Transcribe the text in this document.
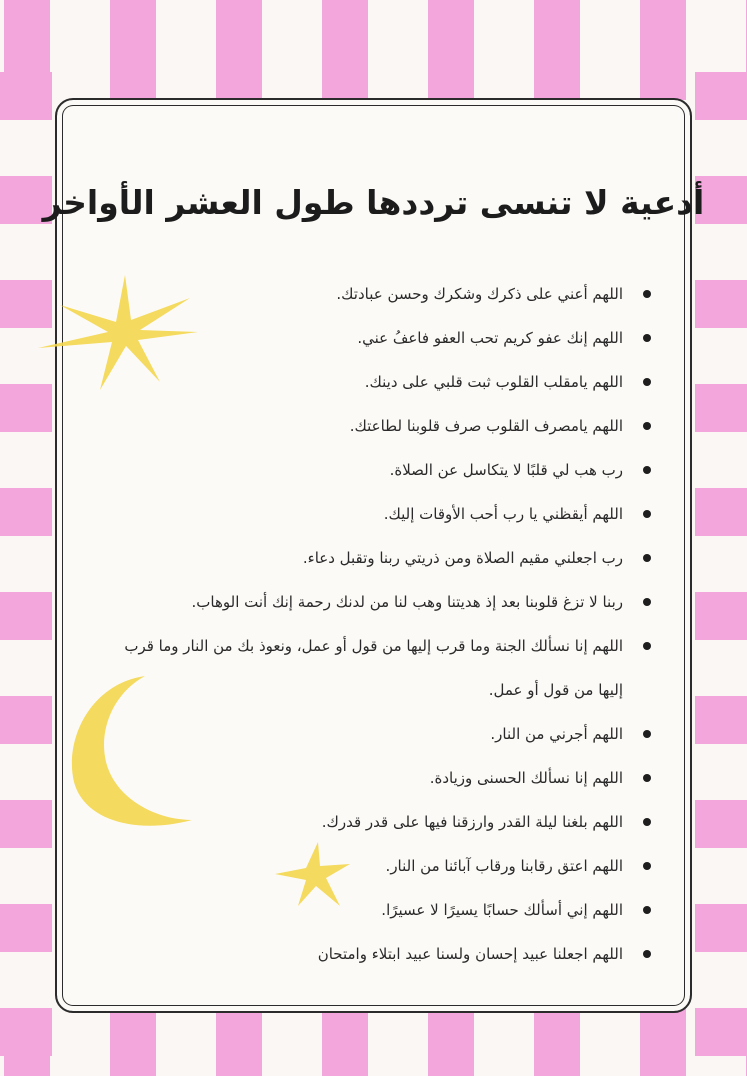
أدعية لا تنسى ترددها طول العشر الأواخر
اللهم أعني على ذكرك وشكرك وحسن عبادتك.
اللهم إنك عفو كريم تحب العفو فاعفُ عني.
اللهم يامقلب القلوب ثبت قلبي على دينك.
اللهم يامصرف القلوب صرف قلوبنا لطاعتك.
رب هب لي قلبًا لا يتكاسل عن الصلاة.
اللهم أيقظني يا رب أحب الأوقات إليك.
رب اجعلني مقيم الصلاة ومن ذريتي ربنا وتقبل دعاء.
ربنا لا تزغ قلوبنا بعد إذ هديتنا وهب لنا من لدنك رحمة إنك أنت الوهاب.
اللهم إنا نسألك الجنة وما قرب إليها من قول أو عمل، ونعوذ بك من النار وما قرب إليها من قول أو عمل.
اللهم أجرني من النار.
اللهم إنا نسألك الحسنى وزيادة.
اللهم بلغنا ليلة القدر وارزقنا فيها على قدر قدرك.
اللهم اعتق رقابنا ورقاب آبائنا من النار.
اللهم إني أسألك حسابًا يسيرًا لا عسيرًا.
اللهم اجعلنا عبيد إحسان ولسنا عبيد ابتلاء وامتحان
